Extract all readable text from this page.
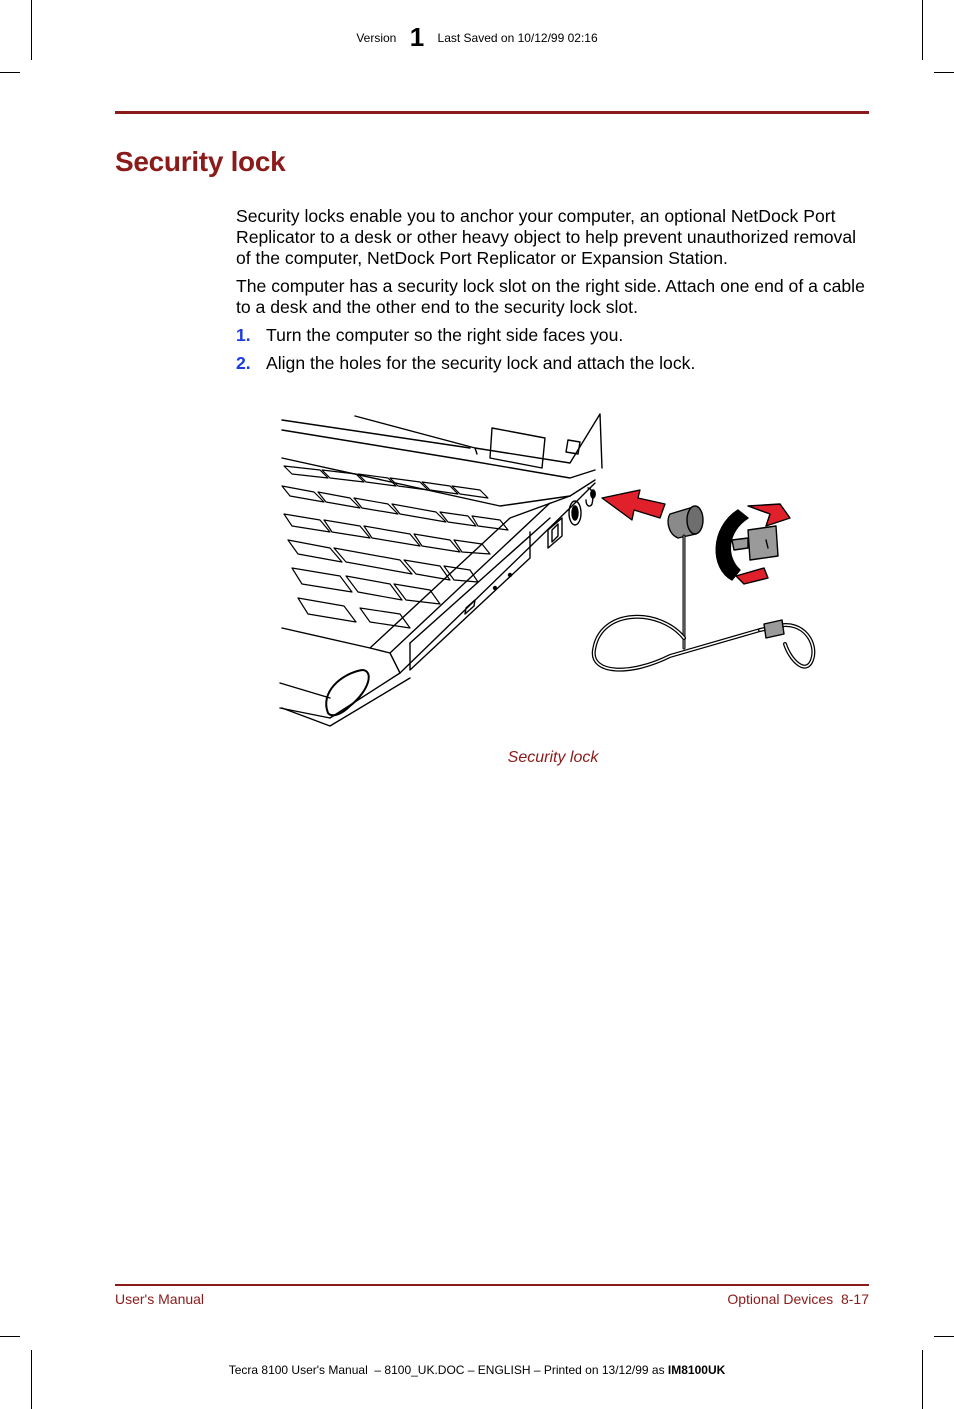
Version 1 Last Saved on 10/12/99 02:16
Security lock

Security locks enable you to anchor your computer, an optional NetDock Port Replicator to a desk or other heavy object to help prevent unauthorized removal of the computer, NetDock Port Replicator or Expansion Station.

The computer has a security lock slot on the right side. Attach one end of a cable to a desk and the other end to the security lock slot.

1. Turn the computer so the right side faces you.
2. Align the holes for the security lock and attach the lock.
Security lock
User's Manual	Optional Devices  8-17
Tecra 8100 User's Manual  – 8100_UK.DOC – ENGLISH – Printed on 13/12/99 as IM8100UK
